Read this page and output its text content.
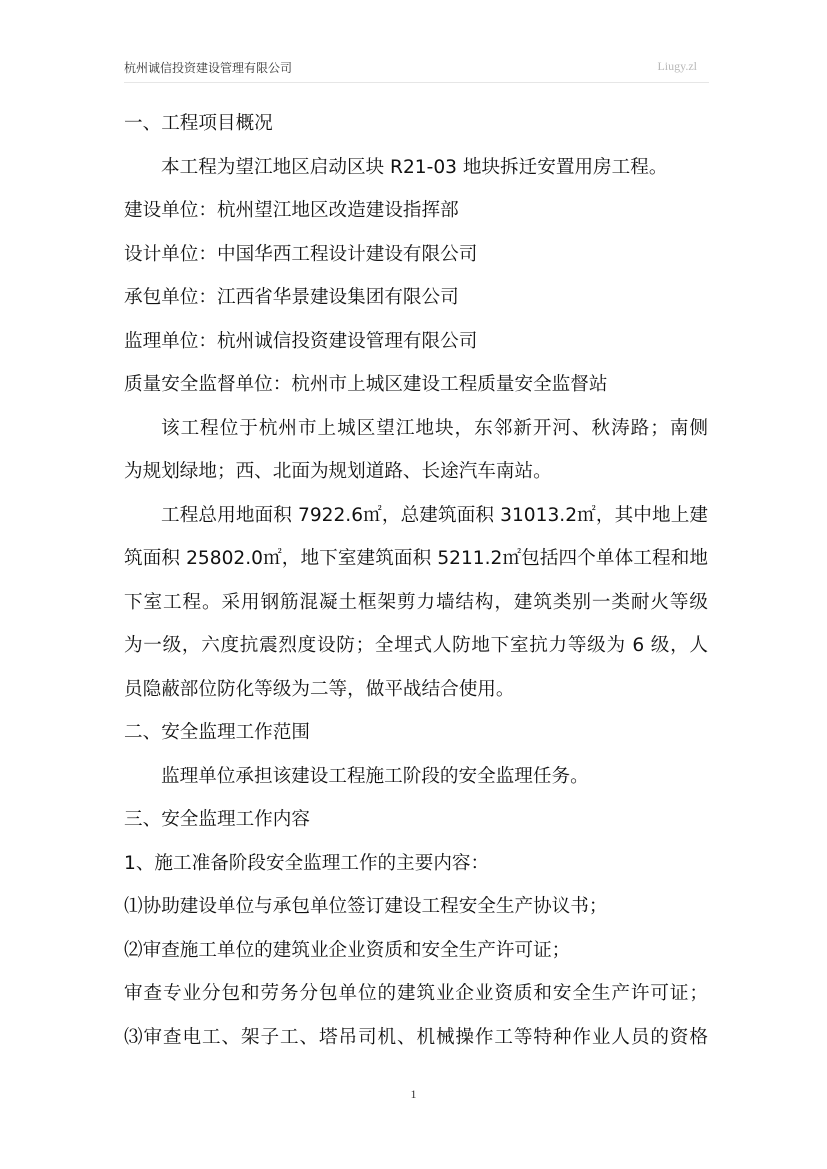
杭州诚信投资建设管理有限公司	Liugy.zl
一、工程项目概况
本工程为望江地区启动区块 R21-03 地块拆迁安置用房工程。
建设单位：杭州望江地区改造建设指挥部
设计单位：中国华西工程设计建设有限公司
承包单位：江西省华景建设集团有限公司
监理单位：杭州诚信投资建设管理有限公司
质量安全监督单位：杭州市上城区建设工程质量安全监督站
该工程位于杭州市上城区望江地块，东邻新开河、秋涛路；南侧
为规划绿地；西、北面为规划道路、长途汽车南站。
工程总用地面积 7922.6㎡，总建筑面积 31013.2㎡，其中地上建
筑面积 25802.0㎡，地下室建筑面积 5211.2㎡包括四个单体工程和地
下室工程。采用钢筋混凝土框架剪力墙结构，建筑类别一类耐火等级
为一级，六度抗震烈度设防；全埋式人防地下室抗力等级为 6 级，人
员隐蔽部位防化等级为二等，做平战结合使用。
二、安全监理工作范围
监理单位承担该建设工程施工阶段的安全监理任务。
三、安全监理工作内容
1、施工准备阶段安全监理工作的主要内容：
⑴协助建设单位与承包单位签订建设工程安全生产协议书；
⑵审查施工单位的建筑业企业资质和安全生产许可证；
审查专业分包和劳务分包单位的建筑业企业资质和安全生产许可证；
⑶审查电工、架子工、塔吊司机、机械操作工等特种作业人员的资格
1
